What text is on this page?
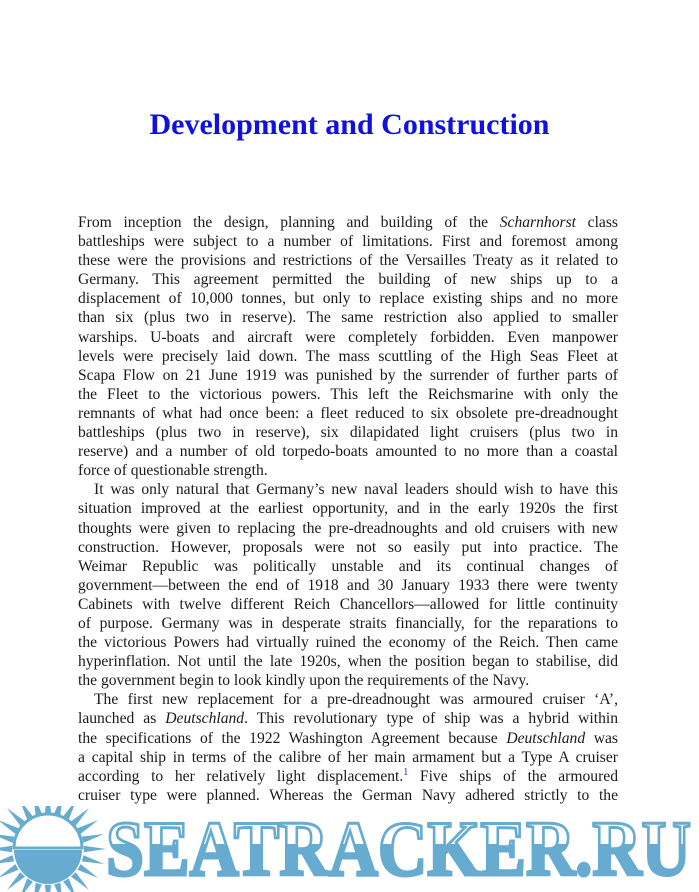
Development and Construction
From inception the design, planning and building of the Scharnhorst class
battleships were subject to a number of limitations. First and foremost among
these were the provisions and restrictions of the Versailles Treaty as it related to
Germany. This agreement permitted the building of new ships up to a
displacement of 10,000 tonnes, but only to replace existing ships and no more
than six (plus two in reserve). The same restriction also applied to smaller
warships. U-boats and aircraft were completely forbidden. Even manpower
levels were precisely laid down. The mass scuttling of the High Seas Fleet at
Scapa Flow on 21 June 1919 was punished by the surrender of further parts of
the Fleet to the victorious powers. This left the Reichsmarine with only the
remnants of what had once been: a fleet reduced to six obsolete pre-dreadnought
battleships (plus two in reserve), six dilapidated light cruisers (plus two in
reserve) and a number of old torpedo-boats amounted to no more than a coastal
force of questionable strength.
It was only natural that Germany’s new naval leaders should wish to have this
situation improved at the earliest opportunity, and in the early 1920s the first
thoughts were given to replacing the pre-dreadnoughts and old cruisers with new
construction. However, proposals were not so easily put into practice. The
Weimar Republic was politically unstable and its continual changes of
government—between the end of 1918 and 30 January 1933 there were twenty
Cabinets with twelve different Reich Chancellors—allowed for little continuity
of purpose. Germany was in desperate straits financially, for the reparations to
the victorious Powers had virtually ruined the economy of the Reich. Then came
hyperinflation. Not until the late 1920s, when the position began to stabilise, did
the government begin to look kindly upon the requirements of the Navy.
The first new replacement for a pre-dreadnought was armoured cruiser ‘A’,
launched as Deutschland. This revolutionary type of ship was a hybrid within
the specifications of the 1922 Washington Agreement because Deutschland was
a capital ship in terms of the calibre of her main armament but a Type A cruiser
according to her relatively light displacement.$^1$ Five ships of the armoured
cruiser type were planned. Whereas the German Navy adhered strictly to the
SEATRACKER.RU
